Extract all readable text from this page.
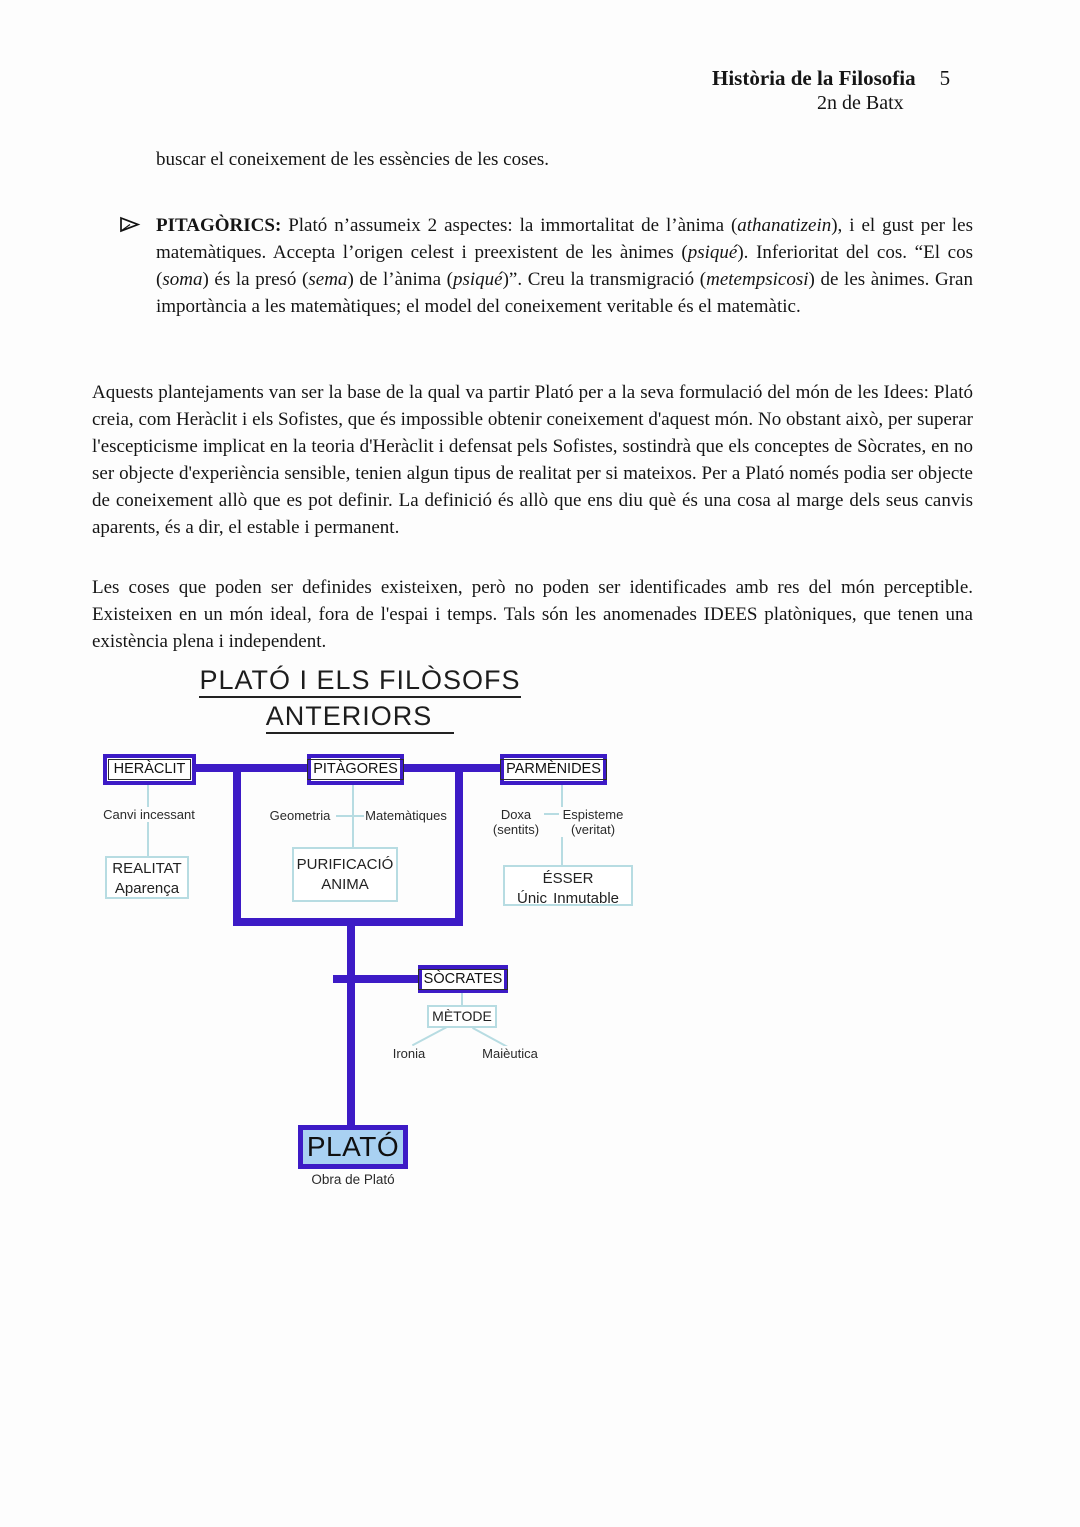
Història de la Filosofia 5
2n de Batx
buscar el coneixement de les essències de les coses.
PITAGÒRICS: Plató n’assumeix 2 aspectes: la immortalitat de l’ànima (athanatizein), i el gust per les matemàtiques. Accepta l’origen celest i preexistent de les ànimes (psiqué). Inferioritat del cos. “El cos (soma) és la presó (sema) de l’ànima (psiqué)”. Creu la transmigració (metempsicosi) de les ànimes. Gran importància a les matemàtiques; el model del coneixement veritable és el matemàtic.

Aquests plantejaments van ser la base de la qual va partir Plató per a la seva formulació del món de les Idees: Plató creia, com Heràclit i els Sofistes, que és impossible obtenir coneixement d'aquest món. No obstant això, per superar l'escepticisme implicat en la teoria d'Heràclit i defensat pels Sofistes, sostindrà que els conceptes de Sòcrates, en no ser objecte d'experiència sensible, tenien algun tipus de realitat per si mateixos. Per a Plató només podia ser objecte de coneixement allò que es pot definir. La definició és allò que ens diu què és una cosa al marge dels seus canvis aparents, és a dir, el estable i permanent.

Les coses que poden ser definides existeixen, però no poden ser identificades amb res del món perceptible. Existeixen en un món ideal, fora de l'espai i temps. Tals són les anomenades IDEES platòniques, que tenen una existència plena i independent.

PLATÓ I ELS FILÒSOFS
ANTERIORS
HERÀCLIT	PITÀGORES	PARMÈNIDES
SÒCRATES
PLATÓ
REALITAT
Aparença
PURIFICACIÓ
ANIMA	ÉSSER
Únic Inmutable
MÈTODE
Canvi incessant	Geometria	Matemàtiques	Doxa
(sentits)
Espisteme
(veritat)
Ironia	Maièutica
Obra de Plató
